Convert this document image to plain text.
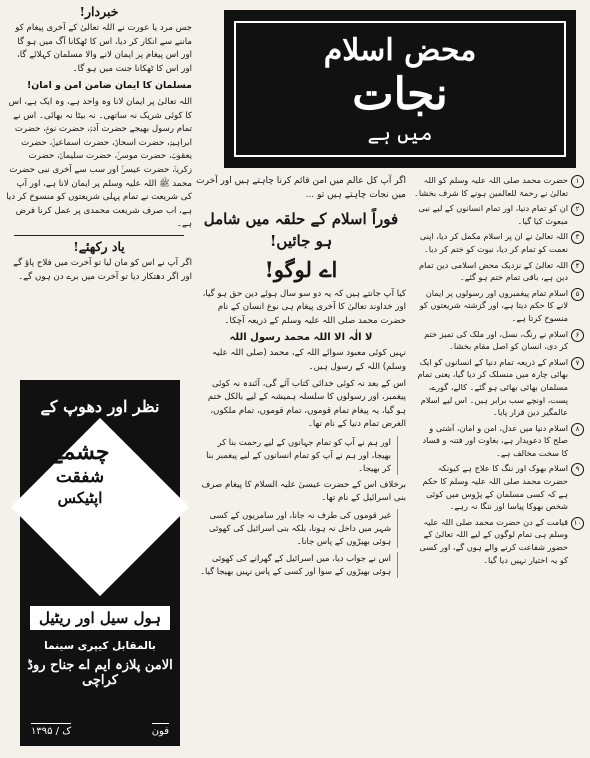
محض اسلام
نجات
میں ہے
خبردار!

جس مرد یا عورت نے اللہ تعالیٰ کے آخری پیغام کو ماننے سے انکار کر دیا، اس کا ٹھکانا آگ میں ہو گا اور اس پیغام پر ایمان لانے والا مسلمان کہلائے گا، اور اس کا ٹھکانا جنت میں ہو گا۔

مسلمان کا ایمان ضامن امن و امان!

اللہ تعالیٰ پر ایمان لانا وہ واحد ہے، وہ ایک ہے، اس کا کوئی شریک نہ ساتھی۔ نہ بیٹا نہ بھائی۔ اس نے تمام رسول بھیجے حضرت آدمؑ، حضرت نوحؑ، حضرت ابراہیمؑ، حضرت اسحاقؑ، حضرت اسماعیلؑ، حضرت یعقوبؑ، حضرت موسیٰؑ، حضرت سلیمانؑ، حضرت زکریاؑ، حضرت عیسیٰؑ اور سب سے آخری نبی حضرت محمد ﷺ اللہ علیہ وسلم پر ایمان لانا ہے، اور آپ کی شریعت نے تمام پہلی شریعتوں کو منسوخ کر دیا ہے، اب صرف شریعت محمدی پر عمل کرنا فرض ہے۔

یاد رکھئے!

اگر آپ نے اس کو مان لیا تو آخرت میں فلاح پاؤ گے اور اگر دھتکار دیا تو آخرت میں برے دن ہوں گے۔

اگر آپ کل عالم میں امن قائم کرنا چاہتے ہیں اور آخرت میں نجات چاہتے ہیں تو ...

فوراً اسلام کے حلقہ میں شامل ہو جائیں!
اے لوگو!

کیا آپ جانتے ہیں کہ یہ دو سو سال ہوئے دین حق ہو گیا، اور خداوند تعالیٰ کا آخری پیغام ہی نوع انسان کے نام حضرت محمد صلی اللہ علیہ وسلم کے ذریعہ آچکا۔

لا الٰہ الا اللہ محمد رسول اللہ

نہیں کوئی معبود سوائے اللہ کے، محمد (صلی اللہ علیہ وسلم) اللہ کے رسول ہیں۔

اس کے بعد نہ کوئی خدائی کتاب آئے گی، آئندہ نہ کوئی پیغمبر، اور رسولوں کا سلسلہ ہمیشہ کے لیے بالکل ختم ہو گیا، یہ پیغام تمام قوموں، تمام قوموں، تمام ملکوں، الغرض تمام دنیا کے نام تھا۔

اور ہم نے آپ کو تمام جہانوں کے لیے رحمت بنا کر بھیجا، اور ہم نے آپ کو تمام انسانوں کے لیے پیغمبر بنا کر بھیجا۔

برخلاف اس کے حضرت عیسیٰ علیہ السلام کا پیغام صرف بنی اسرائیل کے نام تھا۔

غیر قوموں کی طرف نہ جانا، اور سامریوں کے کسی شہر میں داخل نہ ہونا، بلکہ بنی اسرائیل کی کھوئی ہوئی بھیڑوں کے پاس جانا۔

اس نے جواب دیا، میں اسرائیل کے گھرانے کی کھوئی ہوئی بھیڑوں کے سوا اور کسی کے پاس نہیں بھیجا گیا۔

۱
حضرت محمد صلی اللہ علیہ وسلم کو اللہ تعالیٰ نے رحمۃ للعالمین ہونے کا شرف بخشا۔
۲
ان کو تمام دنیا، اور تمام انسانوں کے لیے نبی مبعوث کیا گیا۔
۳
اللہ تعالیٰ نے ان پر اسلام مکمل کر دیا، اپنی نعمت کو تمام کر دیا، نبوت کو ختم کر دیا۔
۴
اللہ تعالیٰ کے نزدیک محض اسلامی دین تمام دین ہے، باقی تمام ختم ہو گئے۔
۵
اسلام تمام پیغمبروں اور رسولوں پر ایمان لانے کا حکم دیتا ہے، اور گزشتہ شریعتوں کو منسوخ کرتا ہے۔
۶
اسلام نے رنگ، نسل، اور ملک کی تمیز ختم کر دی، انسان کو اصل مقام بخشا۔
۷
اسلام کے ذریعہ تمام دنیا کے انسانوں کو ایک بھائی چارہ میں منسلک کر دیا گیا، یعنی تمام مسلمان بھائی بھائی ہو گئے۔ کالے، گورے، پست، اونچے سب برابر ہیں۔ اس لیے اسلام عالمگیر دین قرار پایا۔
۸
اسلام دنیا میں عدل، امن و امان، آشتی و صلح کا دعویدار ہے، بغاوت اور فتنہ و فساد کا سخت مخالف ہے۔
۹
اسلام بھوک اور ننگ کا علاج ہے کیونکہ حضرت محمد صلی اللہ علیہ وسلم کا حکم ہے کہ کسی مسلمان کے پڑوس میں کوئی شخص بھوکا پیاسا اور ننگا نہ رہے۔
۱۰
قیامت کے دن حضرت محمد صلی اللہ علیہ وسلم ہی تمام لوگوں کے لیے اللہ تعالیٰ کے حضور شفاعت کرنے والے ہوں گے، اور کسی کو یہ اختیار نہیں دیا گیا۔
نظر اور دھوپ کے
ہول سیل اور ریٹیل
بالمقابل کیپری سینما
الامن پلازہ ایم اے جناح روڈ کراچی
۱۳۹۵ / ک	فون
چشمے
شفقت
اپٹیکس
